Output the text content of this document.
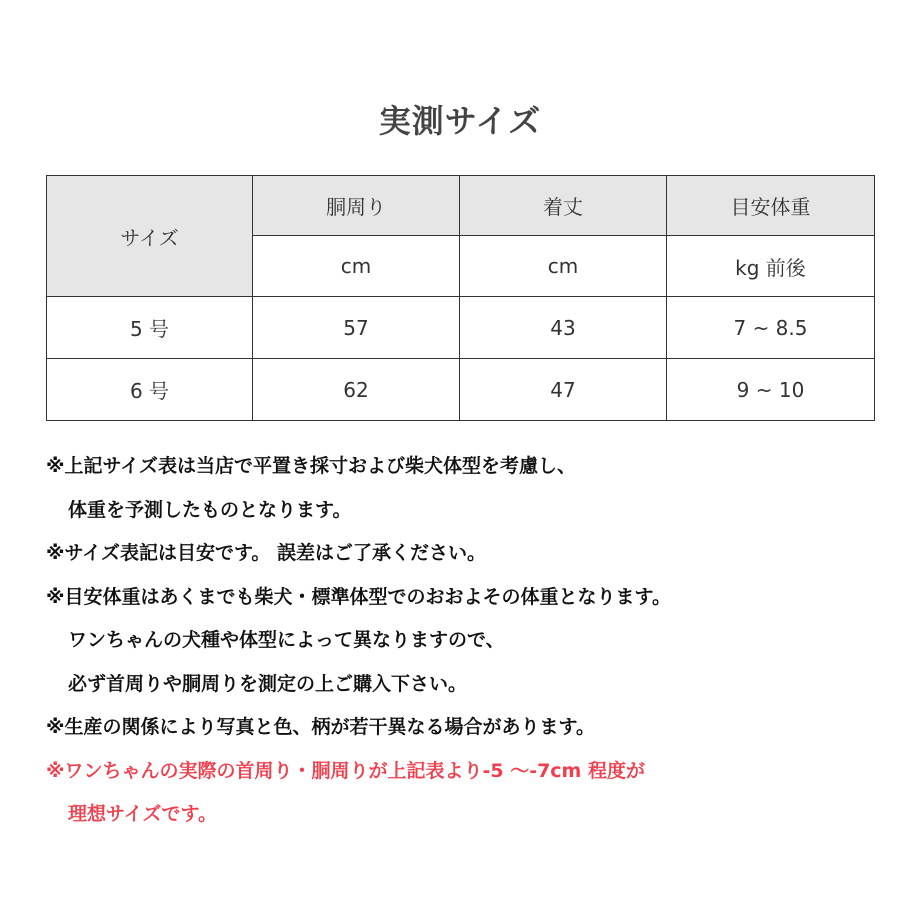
実測サイズ
サイズ	胴周り	着丈	目安体重
	cm	cm	kg 前後
5 号	57	43	7 ~ 8.5
6 号	62	47	9 ~ 10
※上記サイズ表は当店で平置き採寸および柴犬体型を考慮し、
体重を予測したものとなります。
※サイズ表記は目安です。 誤差はご了承ください。
※目安体重はあくまでも柴犬・標準体型でのおおよその体重となります。
ワンちゃんの犬種や体型によって異なりますので、
必ず首周りや胴周りを測定の上ご購入下さい。
※生産の関係により写真と色、柄が若干異なる場合があります。
※ワンちゃんの実際の首周り・胴周りが上記表より-5 ～-7cm 程度が
理想サイズです。
